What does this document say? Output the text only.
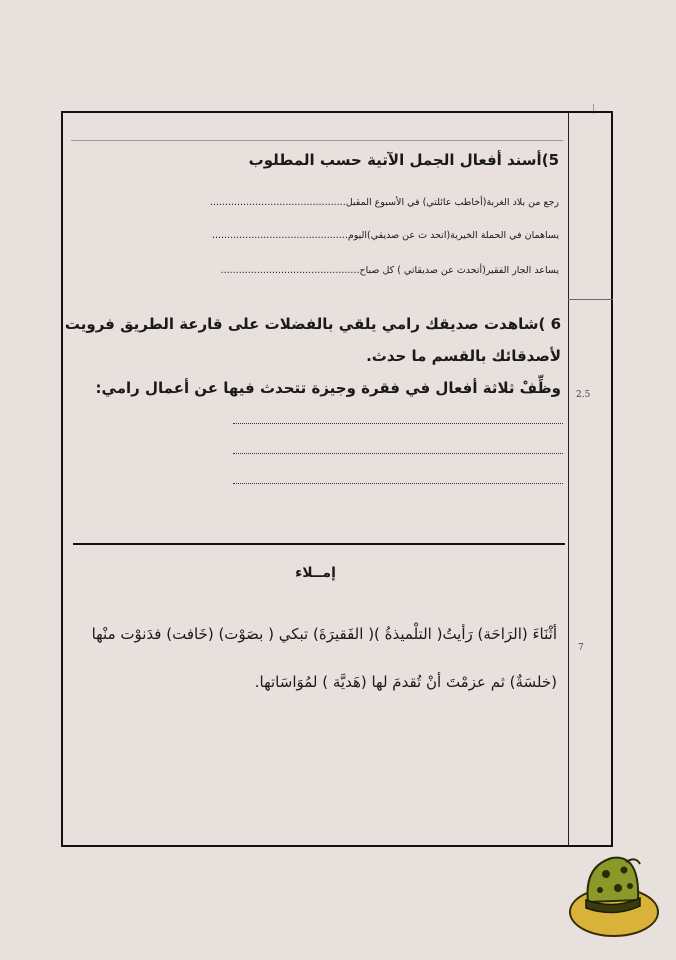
5)أسند أفعال الجمل الآتية حسب المطلوب
رجع من بلاد الغربة(أخاطب عائلتي) في الأسبوع المقبل.............................................
يساهمان في الحملة الخيرية(اتحد ث عن صديقي)اليوم.............................................
يساعد الجار الفقير(أتحدث عن صديقاتي ) كل صباح..............................................
6 )شاهدت صديقك رامي يلقي بالفضلات على قارعة الطريق فرويت
لأصدقائك بالقسم ما حدث.
وظِّفْ ثلاثة أفعال في فقرة وجيزة تتحدث فيها عن أعمال رامي: 2.5
إمــلاء
أثْنَاءَ (الرَاحَة) رَأيتُ( التلْميذةُ )( الفَقيرَةَ) تبكي ( بصَوْت) (خَافت) فدَنوْت منْها
(خلسَةٌ) ثم عزمْتَ أنْ تُقدمَ لها (هَديَّة ) لمُوَاسَاتها.
7
